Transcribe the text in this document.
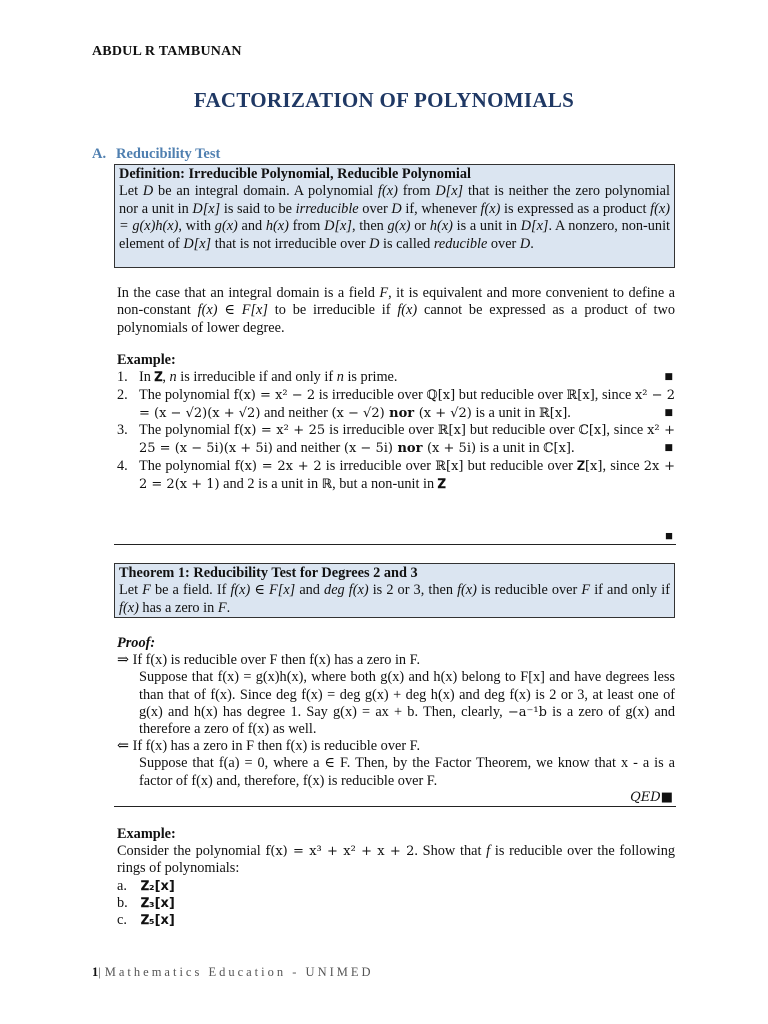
ABDUL R TAMBUNAN
FACTORIZATION OF POLYNOMIALS
A. Reducibility Test
Definition: Irreducible Polynomial, Reducible Polynomial
Let D be an integral domain. A polynomial f(x) from D[x] that is neither the zero polynomial nor a unit in D[x] is said to be irreducible over D if, whenever f(x) is expressed as a product f(x) = g(x)h(x), with g(x) and h(x) from D[x], then g(x) or h(x) is a unit in D[x]. A nonzero, non-unit element of D[x] that is not irreducible over D is called reducible over D.
In the case that an integral domain is a field F, it is equivalent and more convenient to define a non-constant f(x) ∈ F[x] to be irreducible if f(x) cannot be expressed as a product of two polynomials of lower degree.
Example:
1. In 𝐙, n is irreducible if and only if n is prime.	■
2. The polynomial f(x) = x² − 2 is irreducible over ℚ[x] but reducible over ℝ[x], since x² − 2 = (x − √2)(x + √2) and neither (x − √2) nor (x + √2) is a unit in ℝ[x].	■
3. The polynomial f(x) = x² + 25 is irreducible over ℝ[x] but reducible over ℂ[x], since x² + 25 = (x − 5i)(x + 5i) and neither (x − 5i) nor (x + 5i) is a unit in ℂ[x].	■
4. The polynomial f(x) = 2x + 2 is irreducible over ℝ[x] but reducible over 𝐙[x], since 2x + 2 = 2(x + 1) and 2 is a unit in ℝ, but a non-unit in 𝐙
■
Theorem 1: Reducibility Test for Degrees 2 and 3
Let F be a field. If f(x) ∈ F[x] and deg f(x) is 2 or 3, then f(x) is reducible over F if and only if f(x) has a zero in F.
Proof:
⇒ If f(x) is reducible over F then f(x) has a zero in F.
Suppose that f(x) = g(x)h(x), where both g(x) and h(x) belong to F[x] and have degrees less than that of f(x). Since deg f(x) = deg g(x) + deg h(x) and deg f(x) is 2 or 3, at least one of g(x) and h(x) has degree 1. Say g(x) = ax + b. Then, clearly, −a⁻¹b is a zero of g(x) and therefore a zero of f(x) as well.
⇐ If f(x) has a zero in F then f(x) is reducible over F.
Suppose that f(a) = 0, where a ∈ F. Then, by the Factor Theorem, we know that x - a is a factor of f(x) and, therefore, f(x) is reducible over F.
QED■
Example:
Consider the polynomial f(x) = x³ + x² + x + 2. Show that f is reducible over the following rings of polynomials:
a. 𝐙₂[x]
b. 𝐙₃[x]
c. 𝐙₅[x]
1| Mathematics Education - UNIMED
